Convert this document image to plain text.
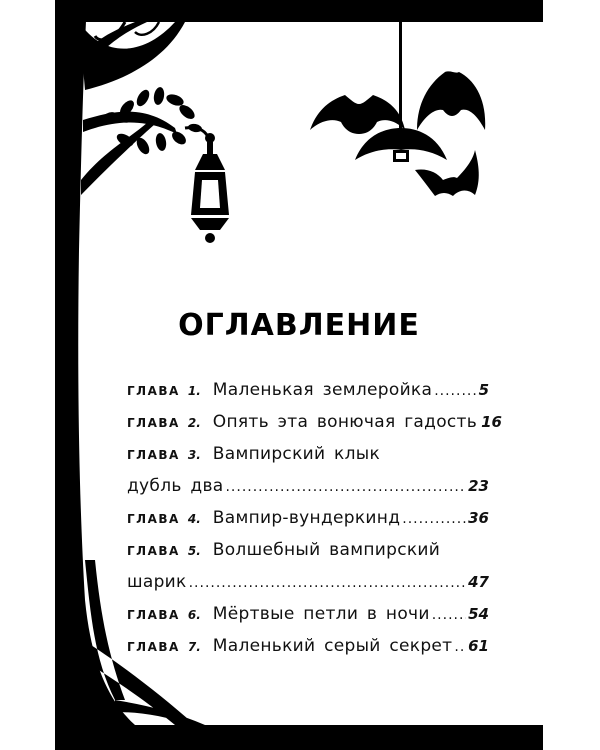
ОГЛАВЛЕНИЕ
ГЛАВА 1. Маленькая землеройка .....	5
ГЛАВА 2. Опять эта вонючая гадость 16
ГЛАВА 3. Вампирский клык
дубль два .....	23
ГЛАВА 4. Вампир-вундеркинд .....	36
ГЛАВА 5. Волшебный вампирский
шарик .....	47
ГЛАВА 6. Мёртвые петли в ночи .....	54
ГЛАВА 7. Маленький серый секрет ..... 61
